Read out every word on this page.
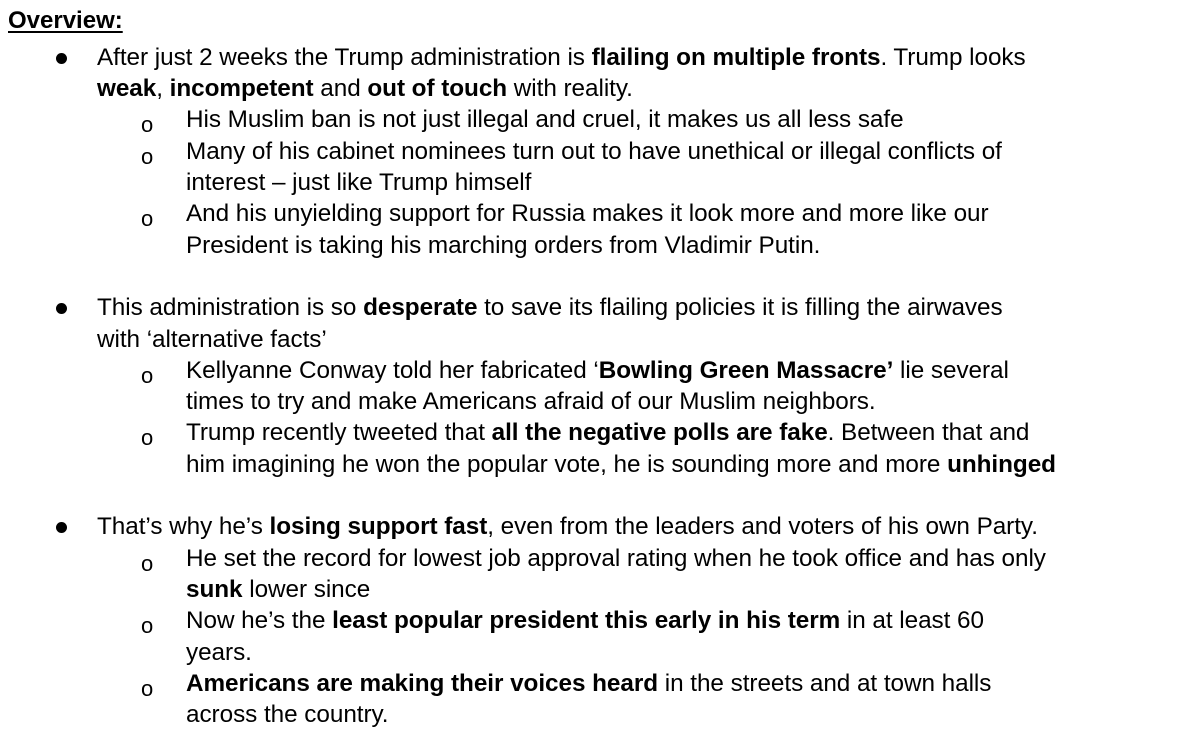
Overview:
After just 2 weeks the Trump administration is flailing on multiple fronts. Trump looks
weak, incompetent and out of touch with reality.
o His Muslim ban is not just illegal and cruel, it makes us all less safe
o Many of his cabinet nominees turn out to have unethical or illegal conflicts of
interest – just like Trump himself
o And his unyielding support for Russia makes it look more and more like our
President is taking his marching orders from Vladimir Putin.
This administration is so desperate to save its flailing policies it is filling the airwaves
with ‘alternative facts’
o Kellyanne Conway told her fabricated ‘Bowling Green Massacre’ lie several
times to try and make Americans afraid of our Muslim neighbors.
o Trump recently tweeted that all the negative polls are fake. Between that and
him imagining he won the popular vote, he is sounding more and more unhinged
That’s why he’s losing support fast, even from the leaders and voters of his own Party.
o He set the record for lowest job approval rating when he took office and has only
sunk lower since
o Now he’s the least popular president this early in his term in at least 60
years.
o Americans are making their voices heard in the streets and at town halls
across the country.
